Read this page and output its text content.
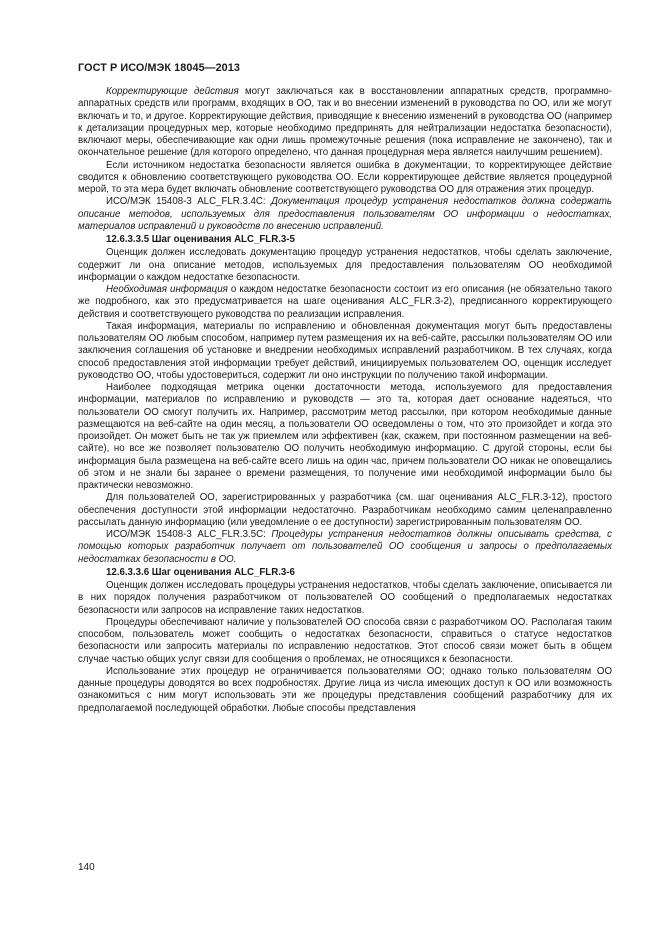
ГОСТ Р ИСО/МЭК 18045—2013

Корректирующие действия могут заключаться как в восстановлении аппаратных средств, программно-аппаратных средств или программ, входящих в ОО, так и во внесении изменений в руководства по ОО, или же могут включать и то, и другое. Корректирующие действия, приводящие к внесению изменений в руководства ОО (например к детализации процедурных мер, которые необходимо предпринять для нейтрализации недостатка безопасности), включают меры, обеспечивающие как одни лишь промежуточные решения (пока исправление не закончено), так и окончательное решение (для которого определено, что данная процедурная мера является наилучшим решением).

Если источником недостатка безопасности является ошибка в документации, то корректирующее действие сводится к обновлению соответствующего руководства ОО. Если корректирующее действие является процедурной мерой, то эта мера будет включать обновление соответствующего руководства ОО для отражения этих процедур.

ИСО/МЭК 15408-3 ALC_FLR.3.4C: Документация процедур устранения недостатков должна содержать описание методов, используемых для предоставления пользователям ОО информации о недостатках, материалов исправлений и руководств по внесению исправлений.

12.6.3.3.5 Шаг оценивания ALC_FLR.3-5

Оценщик должен исследовать документацию процедур устранения недостатков, чтобы сделать заключение, содержит ли она описание методов, используемых для предоставления пользователям ОО необходимой информации о каждом недостатке безопасности.

Необходимая информация о каждом недостатке безопасности состоит из его описания (не обязательно такого же подробного, как это предусматривается на шаге оценивания ALC_FLR.3-2), предписанного корректирующего действия и соответствующего руководства по реализации исправления.

Такая информация, материалы по исправлению и обновленная документация могут быть предоставлены пользователям ОО любым способом, например путем размещения их на веб-сайте, рассылки пользователям ОО или заключения соглашения об установке и внедрении необходимых исправлений разработчиком. В тех случаях, когда способ предоставления этой информации требует действий, инициируемых пользователем ОО, оценщик исследует руководство ОО, чтобы удостовериться, содержит ли оно инструкции по получению такой информации.

Наиболее подходящая метрика оценки достаточности метода, используемого для предоставления информации, материалов по исправлению и руководств — это та, которая дает основание надеяться, что пользователи ОО смогут получить их. Например, рассмотрим метод рассылки, при котором необходимые данные размещаются на веб-сайте на один месяц, а пользователи ОО осведомлены о том, что это произойдет и когда это произойдет. Он может быть не так уж приемлем или эффективен (как, скажем, при постоянном размещении на веб-сайте), но все же позволяет пользователю ОО получить необходимую информацию. С другой стороны, если бы информация была размещена на веб-сайте всего лишь на один час, причем пользователи ОО никак не оповещались об этом и не знали бы заранее о времени размещения, то получение ими необходимой информации было бы практически невозможно.

Для пользователей ОО, зарегистрированных у разработчика (см. шаг оценивания ALC_FLR.3-12), простого обеспечения доступности этой информации недостаточно. Разработчикам необходимо самим целенаправленно рассылать данную информацию (или уведомление о ее доступности) зарегистрированным пользователям ОО.

ИСО/МЭК 15408-3 ALC_FLR.3.5C: Процедуры устранения недостатков должны описывать средства, с помощью которых разработчик получает от пользователей ОО сообщения и запросы о предполагаемых недостатках безопасности в ОО.

12.6.3.3.6 Шаг оценивания ALC_FLR.3-6

Оценщик должен исследовать процедуры устранения недостатков, чтобы сделать заключение, описывается ли в них порядок получения разработчиком от пользователей ОО сообщений о предполагаемых недостатках безопасности или запросов на исправление таких недостатков.

Процедуры обеспечивают наличие у пользователей ОО способа связи с разработчиком ОО. Располагая таким способом, пользователь может сообщить о недостатках безопасности, справиться о статусе недостатков безопасности или запросить материалы по исправлению недостатков. Этот способ связи может быть в общем случае частью общих услуг связи для сообщения о проблемах, не относящихся к безопасности.

Использование этих процедур не ограничивается пользователями ОО; однако только пользователям ОО данные процедуры доводятся во всех подробностях. Другие лица из числа имеющих доступ к ОО или возможность ознакомиться с ним могут использовать эти же процедуры представления сообщений разработчику для их предполагаемой последующей обработки. Любые способы представления

140
